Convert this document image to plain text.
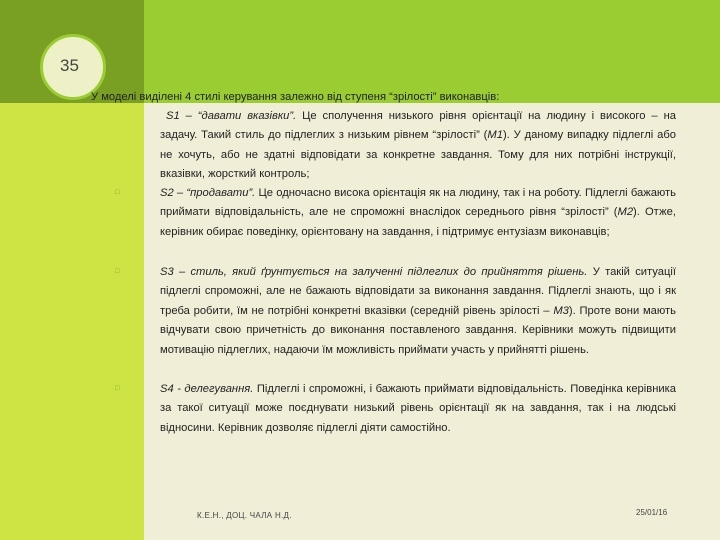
35
У моделі виділені 4 стилі керування залежно від ступеня “зрілості” виконавців:
S1 – “давати вказівки”. Це сполучення низького рівня орієнтації на людину і високого – на задачу. Такий стиль до підлеглих з низьким рівнем “зрілості” (М1). У даному випадку підлеглі або не хочуть, або не здатні відповідати за конкретне завдання. Тому для них потрібні інструкції, вказівки, жорсткий контроль;
□	S2 – “продавати”. Це одночасно висока орієнтація як на людину, так і на роботу. Підлеглі бажають приймати відповідальність, але не спроможні внаслідок середнього рівня “зрілості” (М2). Отже, керівник обирає поведінку, орієнтовану на завдання, і підтримує ентузіазм виконавців;
□	S3 – стиль, який ґрунтується на залученні підлеглих до прийняття рішень. У такій ситуації підлеглі спроможні, але не бажають відповідати за виконання завдання. Підлеглі знають, що і як треба робити, їм не потрібні конкретні вказівки (середній рівень зрілості – М3). Проте вони мають відчувати свою причетність до виконання поставленого завдання. Керівники можуть підвищити мотивацію підлеглих, надаючи їм можливість приймати участь у прийнятті рішень.
□	S4 - делегування. Підлеглі і спроможні, і бажають приймати відповідальність. Поведінка керівника за такої ситуації може поєднувати низький рівень орієнтації як на завдання, так і на людські відносини. Керівник дозволяє підлеглі діяти самостійно.
К.Е.Н., ДОЦ. ЧАЛА Н.Д.	25/01/16
